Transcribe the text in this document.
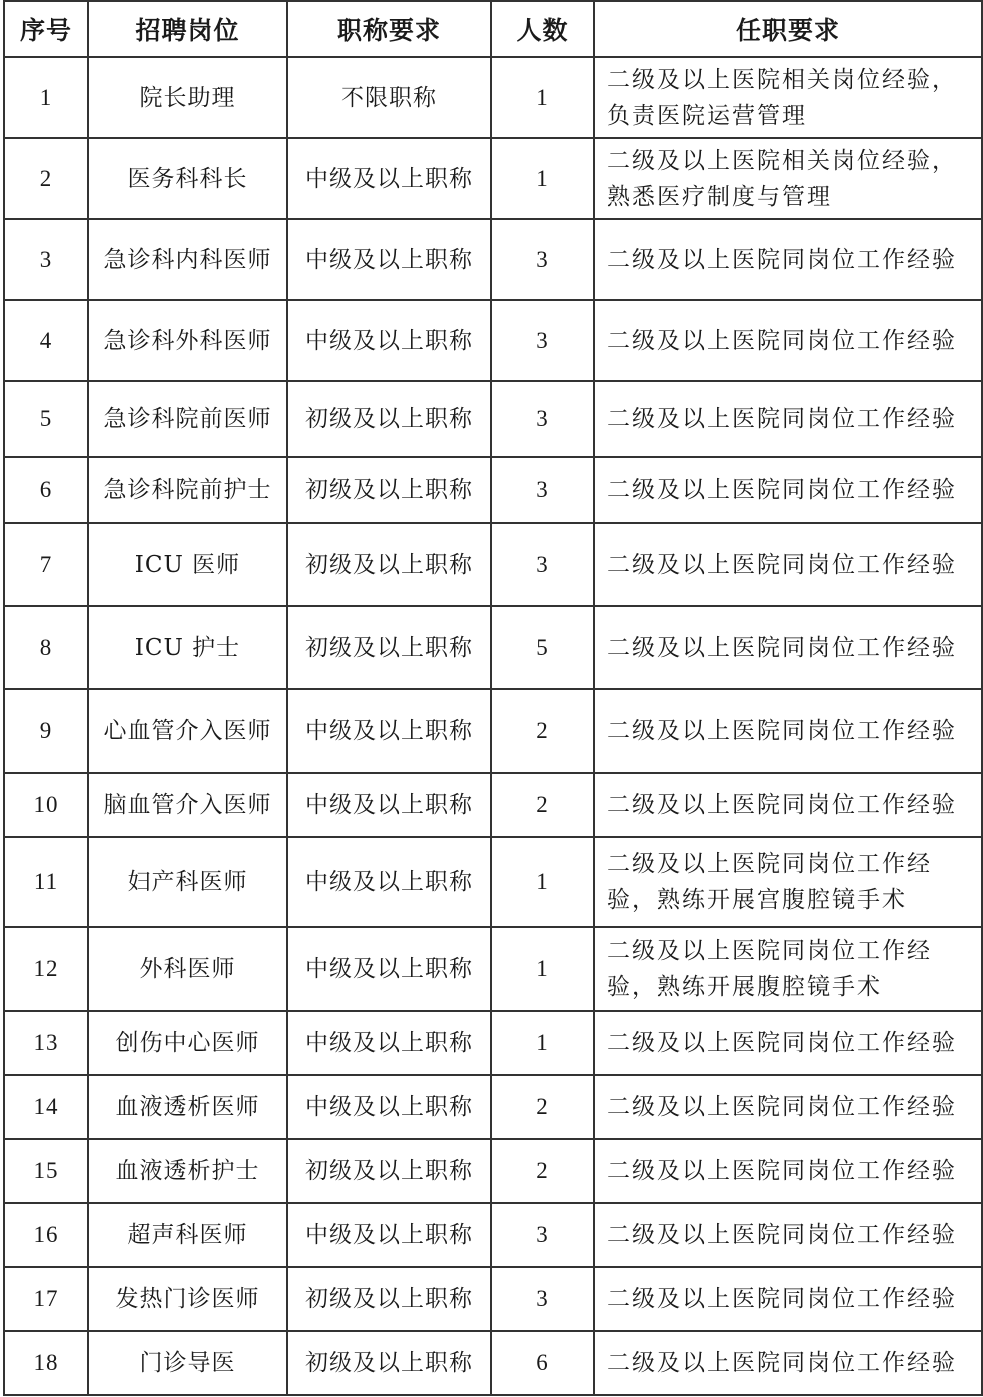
序号	招聘岗位	职称要求	人数	任职要求
1	院长助理	不限职称	1	二级及以上医院相关岗位经验，负责医院运营管理
2	医务科科长	中级及以上职称	1	二级及以上医院相关岗位经验，熟悉医疗制度与管理
3	急诊科内科医师	中级及以上职称	3	二级及以上医院同岗位工作经验
4	急诊科外科医师	中级及以上职称	3	二级及以上医院同岗位工作经验
5	急诊科院前医师	初级及以上职称	3	二级及以上医院同岗位工作经验
6	急诊科院前护士	初级及以上职称	3	二级及以上医院同岗位工作经验
7	ICU 医师	初级及以上职称	3	二级及以上医院同岗位工作经验
8	ICU 护士	初级及以上职称	5	二级及以上医院同岗位工作经验
9	心血管介入医师	中级及以上职称	2	二级及以上医院同岗位工作经验
10	脑血管介入医师	中级及以上职称	2	二级及以上医院同岗位工作经验
11	妇产科医师	中级及以上职称	1	二级及以上医院同岗位工作经验，熟练开展宫腹腔镜手术
12	外科医师	中级及以上职称	1	二级及以上医院同岗位工作经验，熟练开展腹腔镜手术
13	创伤中心医师	中级及以上职称	1	二级及以上医院同岗位工作经验
14	血液透析医师	中级及以上职称	2	二级及以上医院同岗位工作经验
15	血液透析护士	初级及以上职称	2	二级及以上医院同岗位工作经验
16	超声科医师	中级及以上职称	3	二级及以上医院同岗位工作经验
17	发热门诊医师	初级及以上职称	3	二级及以上医院同岗位工作经验
18	门诊导医	初级及以上职称	6	二级及以上医院同岗位工作经验
